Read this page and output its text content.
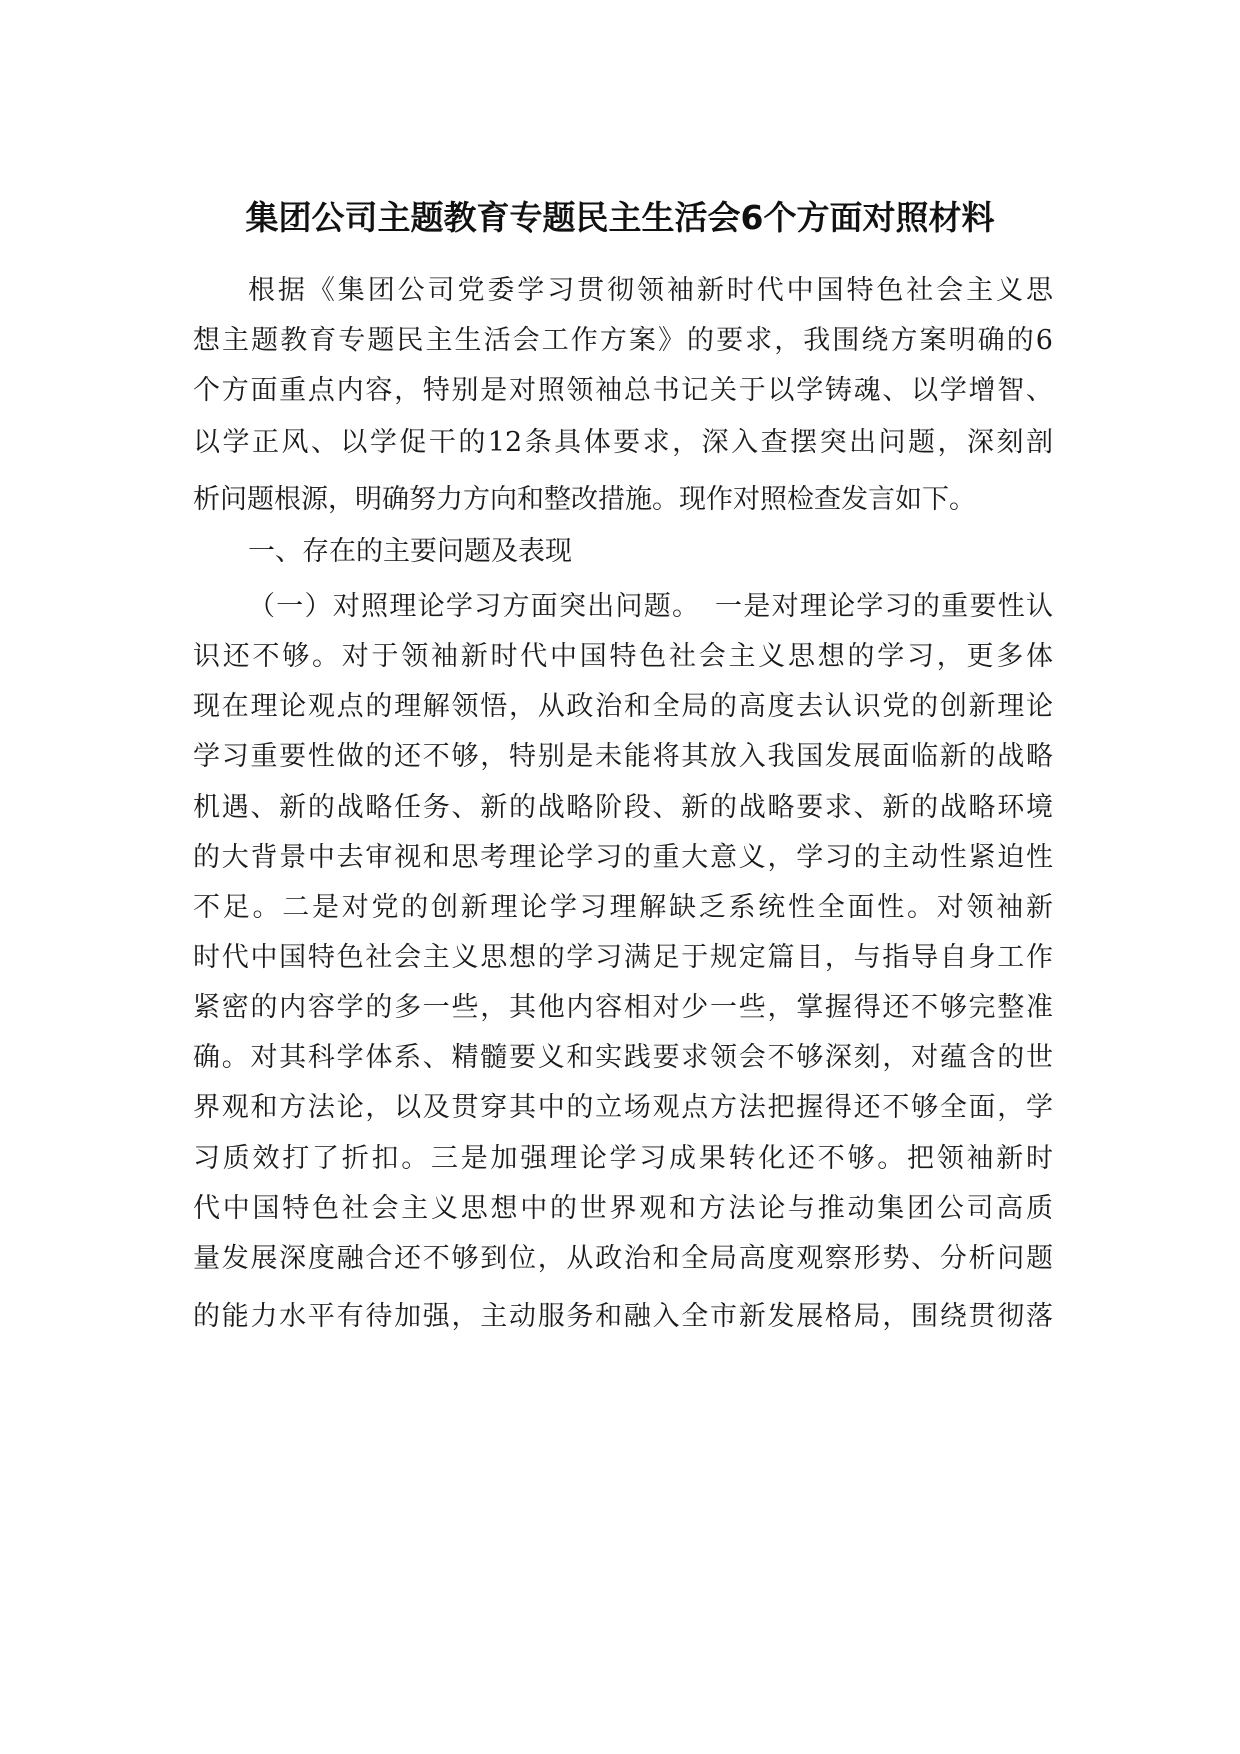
集团公司主题教育专题民主生活会6个方面对照材料
根据《集团公司党委学习贯彻领袖新时代中国特色社会主义思
想主题教育专题民主生活会工作方案》的要求，我围绕方案明确的6
个方面重点内容，特别是对照领袖总书记关于以学铸魂、以学增智、
以学正风、以学促干的12条具体要求，深入查摆突出问题，深刻剖
析问题根源，明确努力方向和整改措施。现作对照检查发言如下。
一、存在的主要问题及表现
（一）对照理论学习方面突出问题。　一是对理论学习的重要性认
识还不够。对于领袖新时代中国特色社会主义思想的学习，更多体
现在理论观点的理解领悟，从政治和全局的高度去认识党的创新理论
学习重要性做的还不够，特别是未能将其放入我国发展面临新的战略
机遇、新的战略任务、新的战略阶段、新的战略要求、新的战略环境
的大背景中去审视和思考理论学习的重大意义，学习的主动性紧迫性
不足。二是对党的创新理论学习理解缺乏系统性全面性。对领袖新
时代中国特色社会主义思想的学习满足于规定篇目，与指导自身工作
紧密的内容学的多一些，其他内容相对少一些，掌握得还不够完整准
确。对其科学体系、精髓要义和实践要求领会不够深刻，对蕴含的世
界观和方法论，以及贯穿其中的立场观点方法把握得还不够全面，学
习质效打了折扣。三是加强理论学习成果转化还不够。把领袖新时
代中国特色社会主义思想中的世界观和方法论与推动集团公司高质
量发展深度融合还不够到位，从政治和全局高度观察形势、分析问题
的能力水平有待加强，主动服务和融入全市新发展格局，围绕贯彻落
